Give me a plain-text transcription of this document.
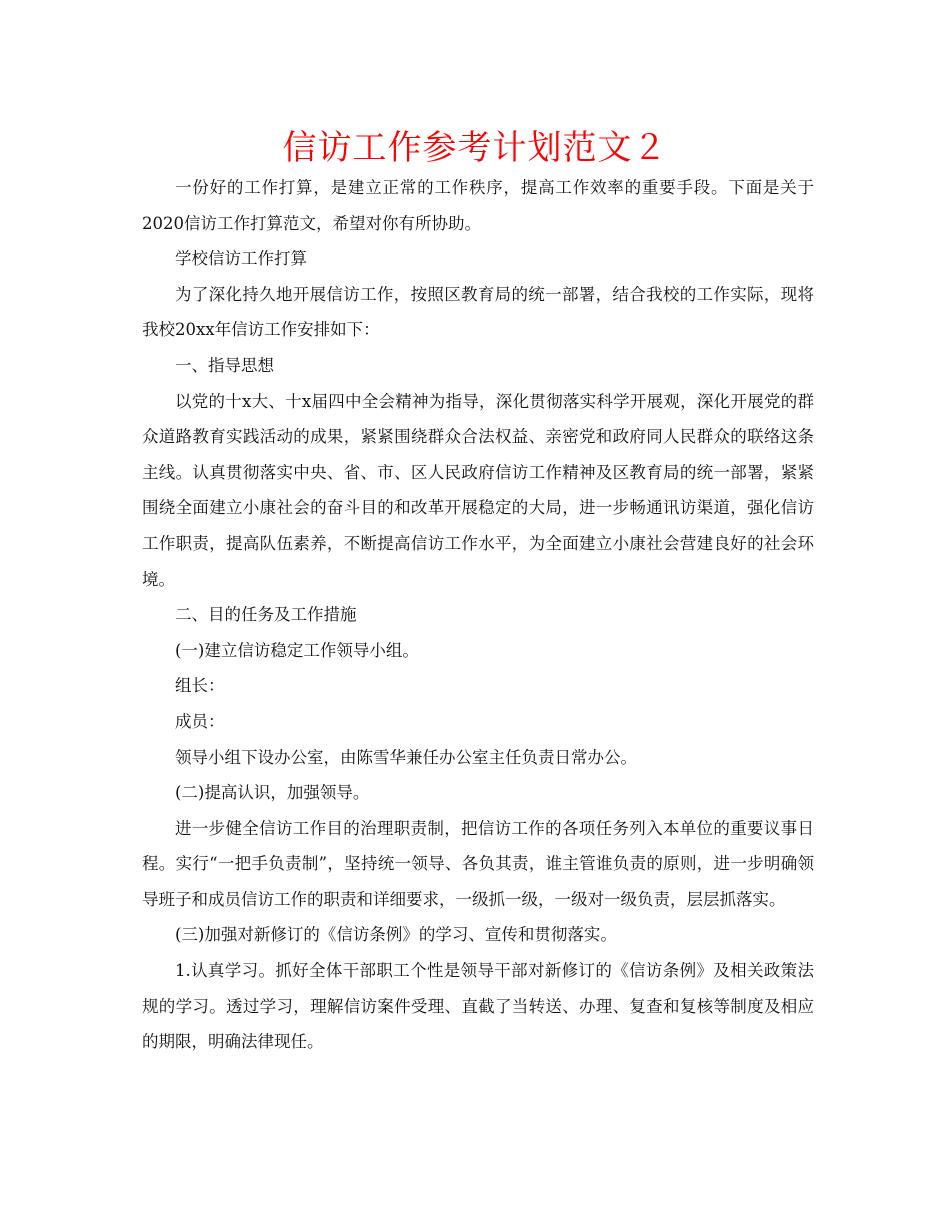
信访工作参考计划范文２

一份好的工作打算，是建立正常的工作秩序，提高工作效率的重要手段。下面是关于2020信访工作打算范文，希望对你有所协助。

学校信访工作打算

为了深化持久地开展信访工作，按照区教育局的统一部署，结合我校的工作实际，现将我校20xx年信访工作安排如下：

一、指导思想

以党的十x大、十x届四中全会精神为指导，深化贯彻落实科学开展观，深化开展党的群众道路教育实践活动的成果，紧紧围绕群众合法权益、亲密党和政府同人民群众的联络这条主线。认真贯彻落实中央、省、市、区人民政府信访工作精神及区教育局的统一部署，紧紧围绕全面建立小康社会的奋斗目的和改革开展稳定的大局，进一步畅通讯访渠道，强化信访工作职责，提高队伍素养，不断提高信访工作水平，为全面建立小康社会营建良好的社会环境。

二、目的任务及工作措施

(一)建立信访稳定工作领导小组。

组长：

成员：

领导小组下设办公室，由陈雪华兼任办公室主任负责日常办公。

(二)提高认识，加强领导。

进一步健全信访工作目的治理职责制，把信访工作的各项任务列入本单位的重要议事日程。实行“一把手负责制”，坚持统一领导、各负其责，谁主管谁负责的原则，进一步明确领导班子和成员信访工作的职责和详细要求，一级抓一级，一级对一级负责，层层抓落实。

(三)加强对新修订的《信访条例》的学习、宣传和贯彻落实。

1.认真学习。抓好全体干部职工个性是领导干部对新修订的《信访条例》及相关政策法规的学习。透过学习，理解信访案件受理、直截了当转送、办理、复查和复核等制度及相应的期限，明确法律现任。
